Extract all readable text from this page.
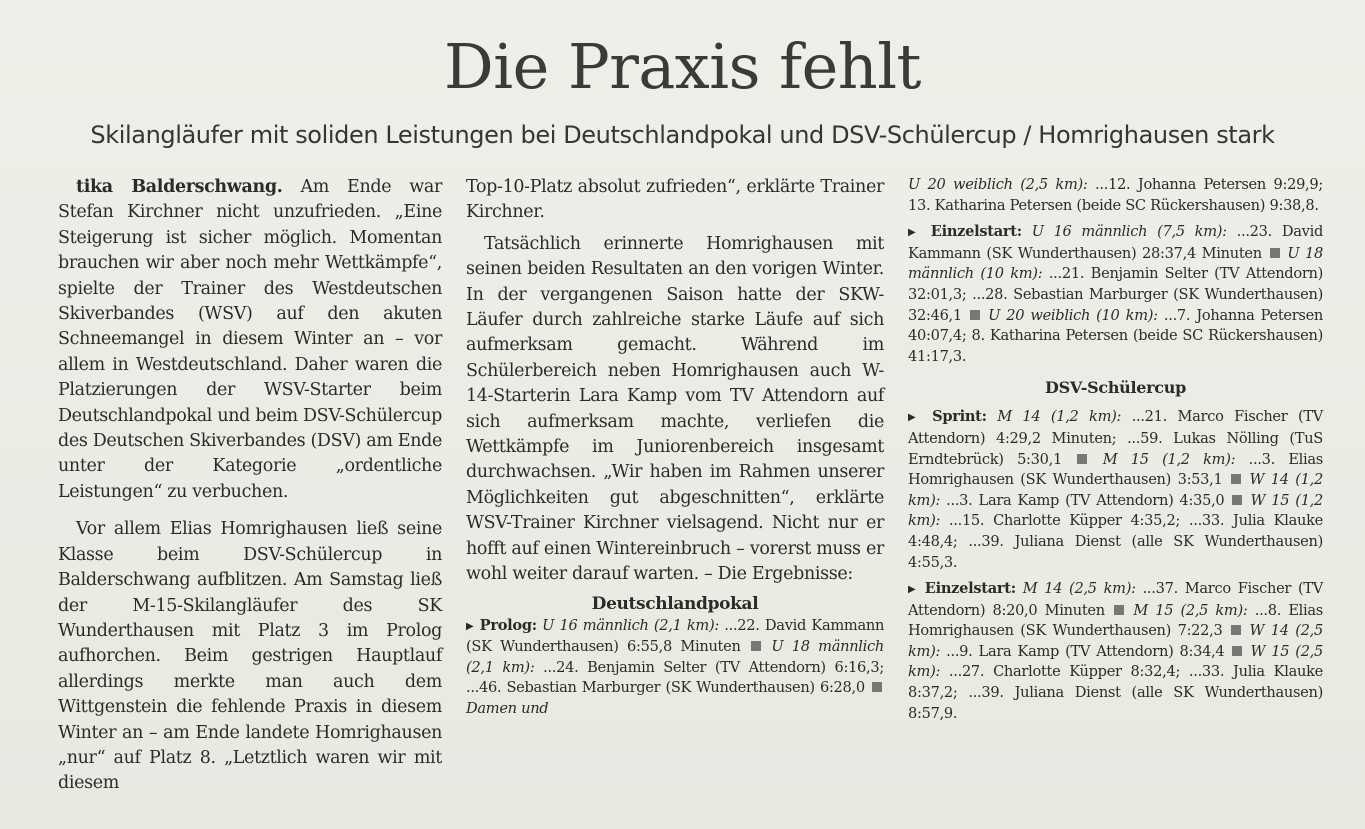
Die Praxis fehlt
Skilangläufer mit soliden Leistungen bei Deutschlandpokal und DSV-Schülercup / Homrighausen stark

tika Balderschwang. Am Ende war Stefan Kirchner nicht unzufrieden. „Eine Steigerung ist sicher möglich. Momentan brauchen wir aber noch mehr Wettkämpfe“, spielte der Trainer des Westdeutschen Skiverbandes (WSV) auf den akuten Schneemangel in diesem Winter an – vor allem in Westdeutschland. Daher waren die Platzierungen der WSV-Starter beim Deutschlandpokal und beim DSV-Schülercup des Deutschen Skiverbandes (DSV) am Ende unter der Kategorie „ordentliche Leistungen“ zu verbuchen.

Vor allem Elias Homrighausen ließ seine Klasse beim DSV-Schülercup in Balderschwang aufblitzen. Am Samstag ließ der M-15-Skilangläufer des SK Wunderthausen mit Platz 3 im Prolog aufhorchen. Beim gestrigen Hauptlauf allerdings merkte man auch dem Wittgenstein die fehlende Praxis in diesem Winter an – am Ende landete Homrighausen „nur“ auf Platz 8. „Letztlich waren wir mit diesem

Top-10-Platz absolut zufrieden“, erklärte Trainer Kirchner.

Tatsächlich erinnerte Homrighausen mit seinen beiden Resultaten an den vorigen Winter. In der vergangenen Saison hatte der SKW-Läufer durch zahlreiche starke Läufe auf sich aufmerksam gemacht. Während im Schülerbereich neben Homrighausen auch W-14-Starterin Lara Kamp vom TV Attendorn auf sich aufmerksam machte, verliefen die Wettkämpfe im Juniorenbereich insgesamt durchwachsen. „Wir haben im Rahmen unserer Möglichkeiten gut abgeschnitten“, erklärte WSV-Trainer Kirchner vielsagend. Nicht nur er hofft auf einen Wintereinbruch – vorerst muss er wohl weiter darauf warten. – Die Ergebnisse:

Deutschlandpokal

▶ Prolog: U 16 männlich (2,1 km): ...22. David Kammann (SK Wunderthausen) 6:55,8 Minuten U 18 männlich (2,1 km): ...24. Benjamin Selter (TV Attendorn) 6:16,3; ...46. Sebastian Marburger (SK Wunderthausen) 6:28,0  Damen und

U 20 weiblich (2,5 km): ...12. Johanna Petersen 9:29,9; 13. Katharina Petersen (beide SC Rückershausen) 9:38,8.

▶ Einzelstart: U 16 männlich (7,5 km): ...23. David Kammann (SK Wunderthausen) 28:37,4 Minuten U 18 männlich (10 km): ...21. Benjamin Selter (TV Attendorn) 32:01,3; ...28. Sebastian Marburger (SK Wunderthausen) 32:46,1 U 20 weiblich (10 km): ...7. Johanna Petersen 40:07,4; 8. Katharina Petersen (beide SC Rückershausen) 41:17,3.

DSV-Schülercup

▶ Sprint: M 14 (1,2 km): ...21. Marco Fischer (TV Attendorn) 4:29,2 Minuten; ...59. Lukas Nölling (TuS Erndtebrück) 5:30,1	M 15 (1,2 km): ...3. Elias Homrighausen (SK Wunderthausen) 3:53,1 W 14 (1,2 km): ...3. Lara Kamp (TV Attendorn) 4:35,0 W 15 (1,2 km): ...15. Charlotte Küpper 4:35,2; ...33. Julia Klauke 4:48,4; ...39. Juliana Dienst (alle SK Wunderthausen) 4:55,3.

▶ Einzelstart: M 14 (2,5 km): ...37. Marco Fischer (TV Attendorn) 8:20,0 Minuten M 15 (2,5 km): ...8. Elias Homrighausen (SK Wunderthausen) 7:22,3 W 14 (2,5 km): ...9. Lara Kamp (TV Attendorn) 8:34,4 W 15 (2,5 km): ...27. Charlotte Küpper 8:32,4; ...33. Julia Klauke 8:37,2; ...39. Juliana Dienst (alle SK Wunderthausen) 8:57,9.
